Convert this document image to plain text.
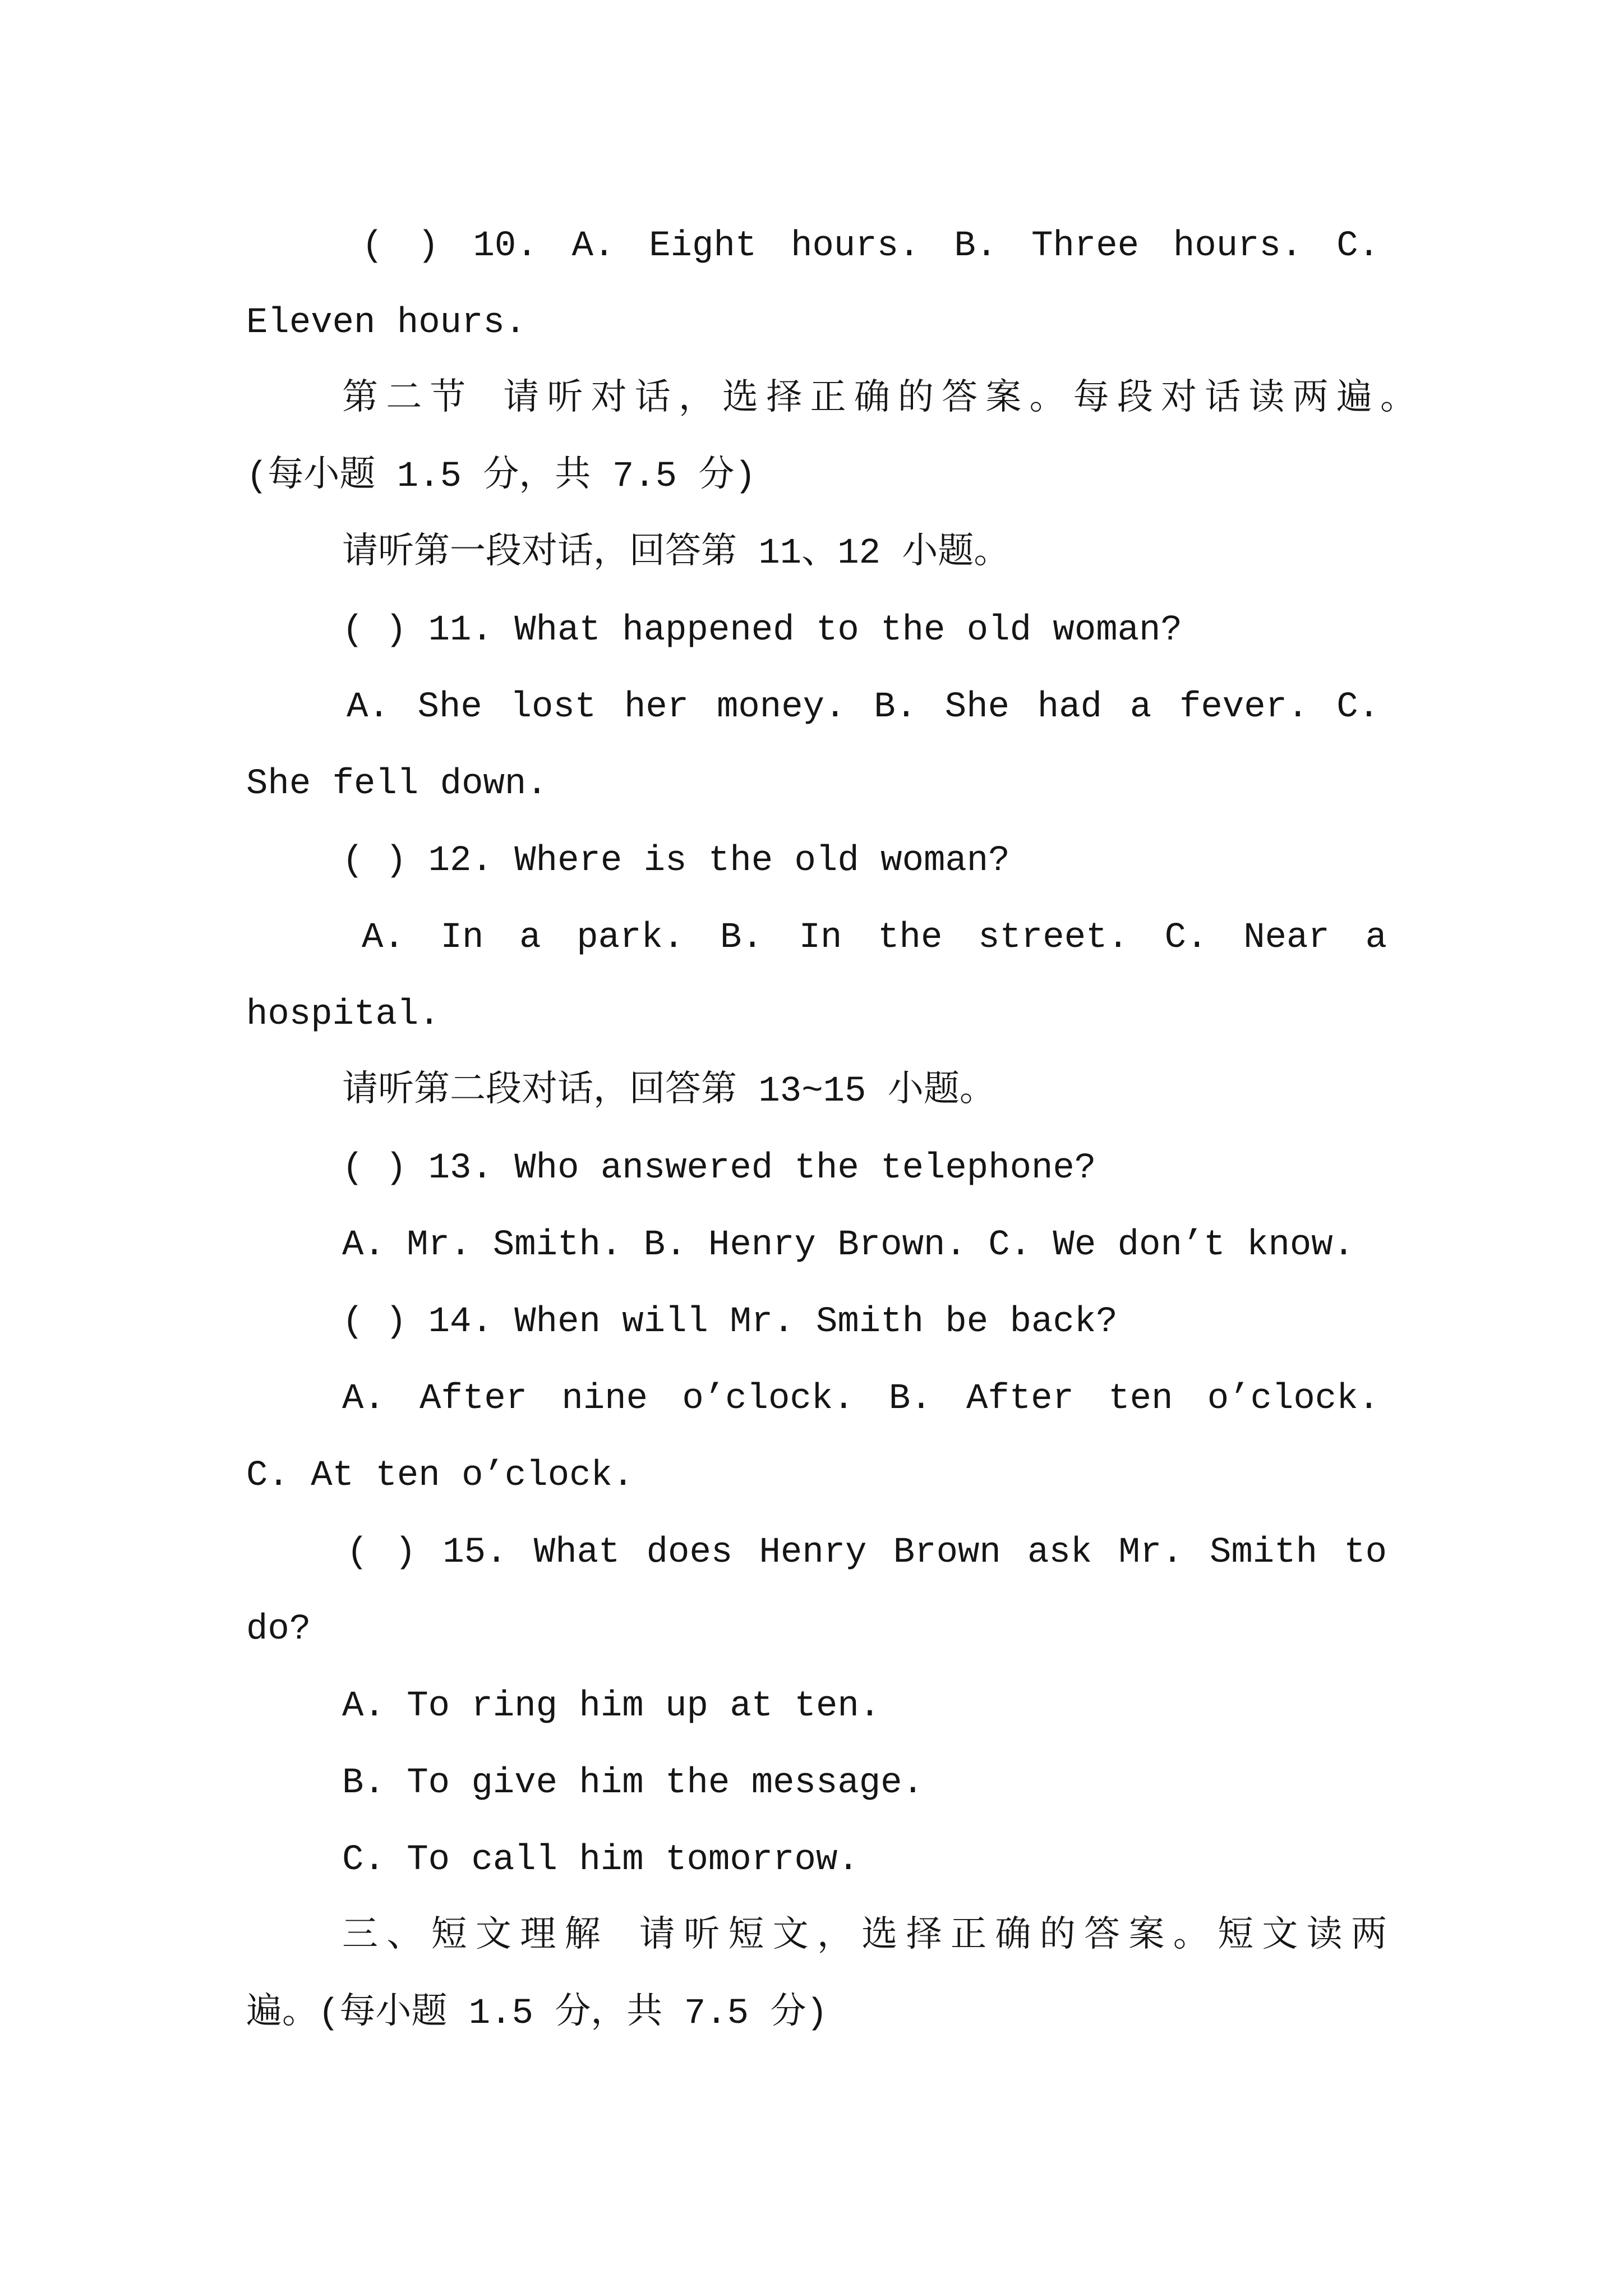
( ) 10. A. Eight hours. B. Three hours. C.
Eleven hours.
第二节 请听对话，选择正确的答案。每段对话读两遍。
(每小题 1.5 分，共 7.5 分)
请听第一段对话，回答第 11、12 小题。
( ) 11. What happened to the old woman?
A. She lost her money. B. She had a fever. C.
She fell down.
( ) 12. Where is the old woman?
A. In a park. B. In the street. C. Near a
hospital.
请听第二段对话，回答第 13~15 小题。
( ) 13. Who answered the telephone?
A. Mr. Smith. B. Henry Brown. C. We don’t know.
( ) 14. When will Mr. Smith be back?
A. After nine o’clock. B. After ten o’clock.
C. At ten o’clock.
( ) 15. What does Henry Brown ask Mr. Smith to
do?
A. To ring him up at ten.
B. To give him the message.
C. To call him tomorrow.
三、短文理解 请听短文，选择正确的答案。短文读两
遍。(每小题 1.5 分，共 7.5 分)
